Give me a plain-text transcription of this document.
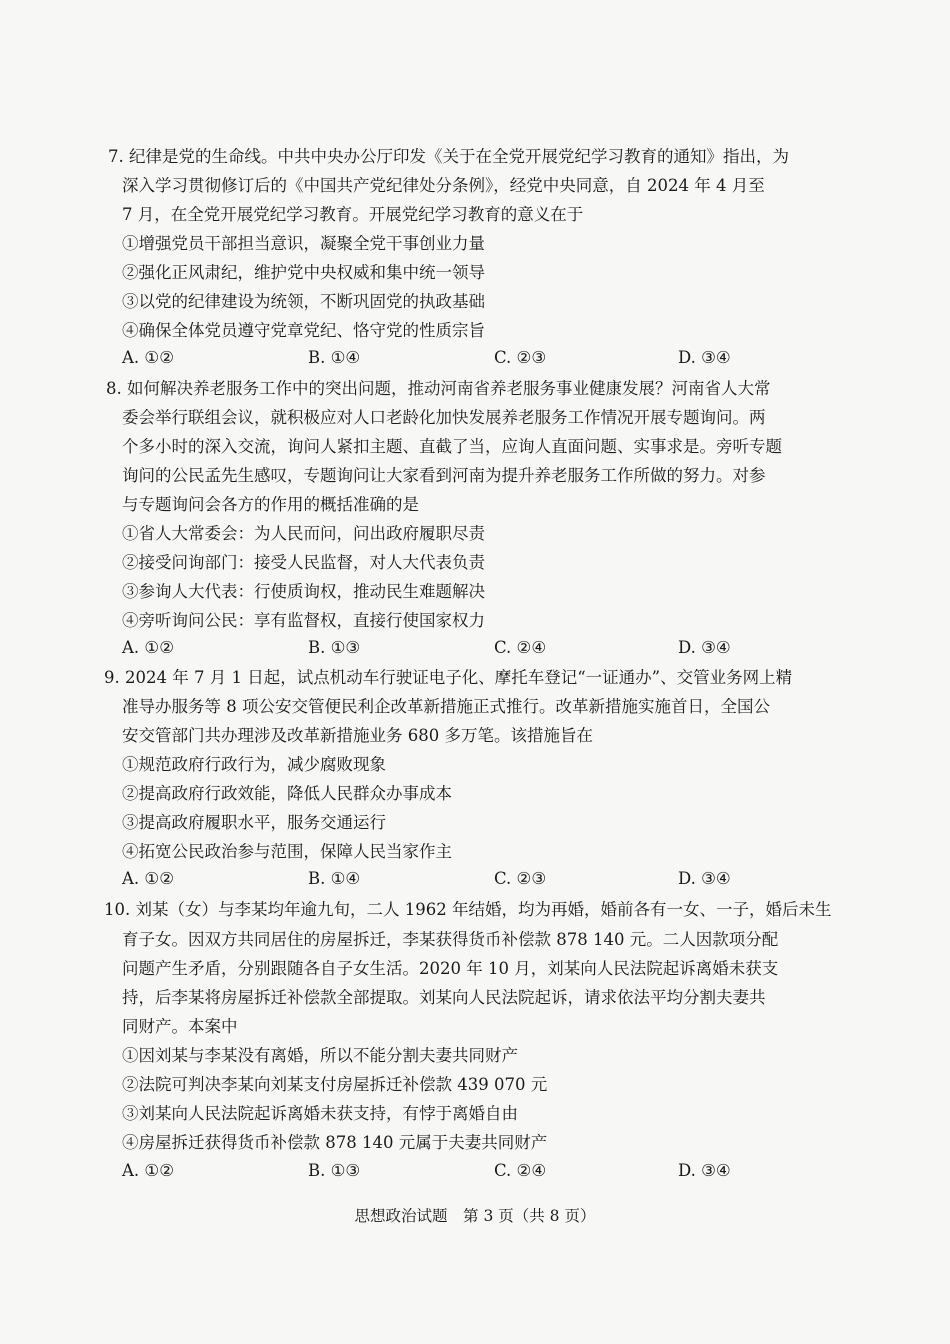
7. 纪律是党的生命线。中共中央办公厅印发《关于在全党开展党纪学习教育的通知》指出，为
深入学习贯彻修订后的《中国共产党纪律处分条例》，经党中央同意，自 2024 年 4 月至
7 月，在全党开展党纪学习教育。开展党纪学习教育的意义在于
①增强党员干部担当意识，凝聚全党干事创业力量
②强化正风肃纪，维护党中央权威和集中统一领导
③以党的纪律建设为统领，不断巩固党的执政基础
④确保全体党员遵守党章党纪、恪守党的性质宗旨
A. ①②	B. ①④	C. ②③	D. ③④
8. 如何解决养老服务工作中的突出问题，推动河南省养老服务事业健康发展？河南省人大常
委会举行联组会议，就积极应对人口老龄化加快发展养老服务工作情况开展专题询问。两
个多小时的深入交流，询问人紧扣主题、直截了当，应询人直面问题、实事求是。旁听专题
询问的公民孟先生感叹，专题询问让大家看到河南为提升养老服务工作所做的努力。对参
与专题询问会各方的作用的概括准确的是
①省人大常委会：为人民而问，问出政府履职尽责
②接受问询部门：接受人民监督，对人大代表负责
③参询人大代表：行使质询权，推动民生难题解决
④旁听询问公民：享有监督权，直接行使国家权力
A. ①②	B. ①③	C. ②④	D. ③④
9. 2024 年 7 月 1 日起，试点机动车行驶证电子化、摩托车登记“一证通办”、交管业务网上精
准导办服务等 8 项公安交管便民利企改革新措施正式推行。改革新措施实施首日，全国公
安交管部门共办理涉及改革新措施业务 680 多万笔。该措施旨在
①规范政府行政行为，减少腐败现象
②提高政府行政效能，降低人民群众办事成本
③提高政府履职水平，服务交通运行
④拓宽公民政治参与范围，保障人民当家作主
A. ①②	B. ①④	C. ②③	D. ③④
10. 刘某（女）与李某均年逾九旬，二人 1962 年结婚，均为再婚，婚前各有一女、一子，婚后未生
育子女。因双方共同居住的房屋拆迁，李某获得货币补偿款 878 140 元。二人因款项分配
问题产生矛盾，分别跟随各自子女生活。2020 年 10 月，刘某向人民法院起诉离婚未获支
持，后李某将房屋拆迁补偿款全部提取。刘某向人民法院起诉，请求依法平均分割夫妻共
同财产。本案中
①因刘某与李某没有离婚，所以不能分割夫妻共同财产
②法院可判决李某向刘某支付房屋拆迁补偿款 439 070 元
③刘某向人民法院起诉离婚未获支持，有悖于离婚自由
④房屋拆迁获得货币补偿款 878 140 元属于夫妻共同财产
A. ①②	B. ①③	C. ②④	D. ③④
思想政治试题　第 3 页（共 8 页）
